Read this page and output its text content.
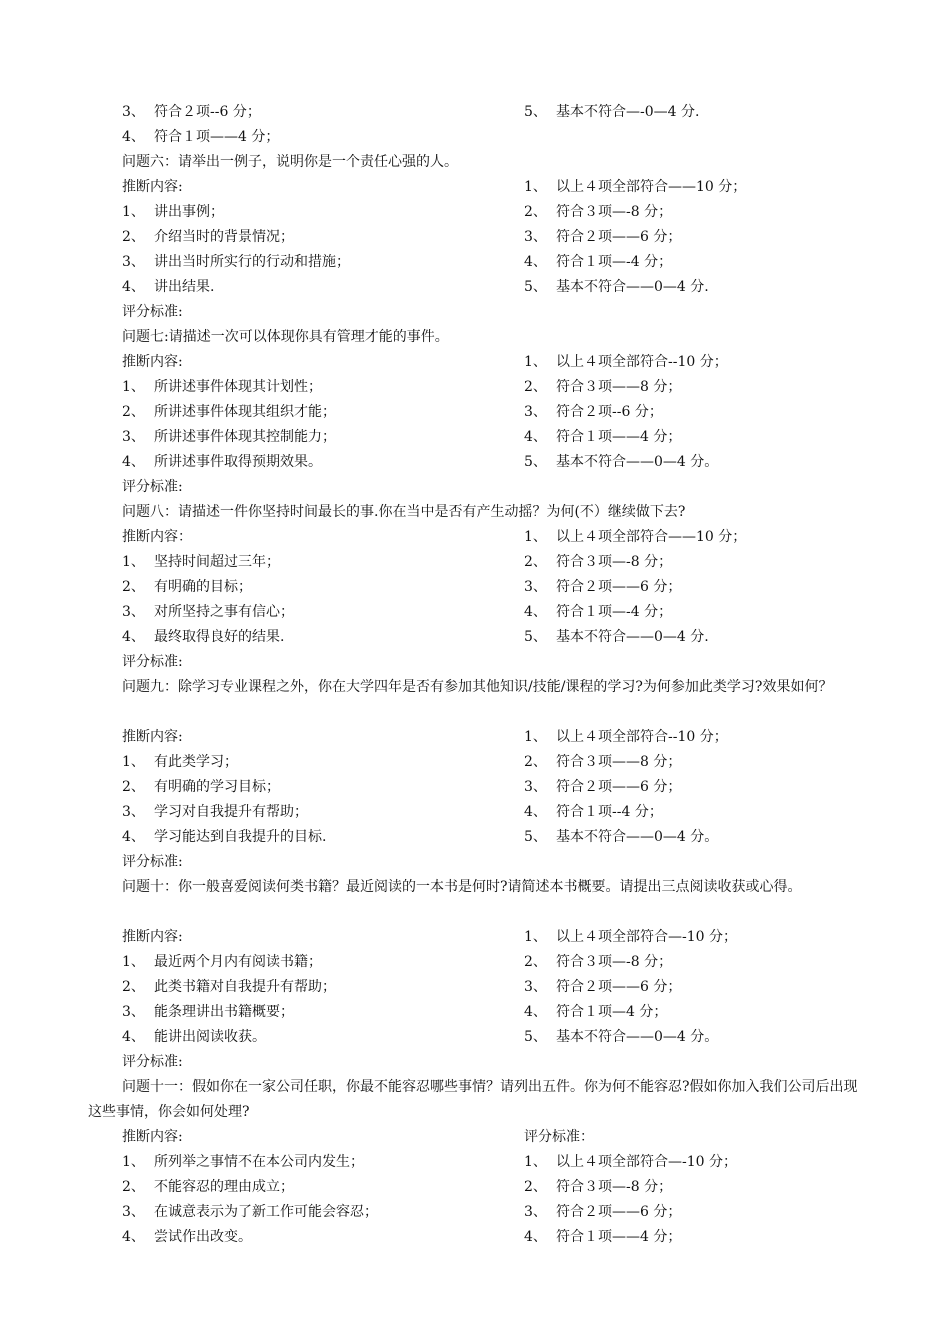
3、 符合２项--6 分；	5、 基本不符合—-0—4 分.
4、 符合１项——4 分；
问题六：请举出一例子，说明你是一个责任心强的人。
推断内容:	1、 以上４项全部符合——10 分；
1、 讲出事例；	2、 符合３项—-8 分；
2、 介绍当时的背景情况；	3、 符合２项——6 分；
3、 讲出当时所实行的行动和措施；	4、 符合１项—-4 分；
4、 讲出结果.	5、 基本不符合——0—4 分.
评分标准:
问题七:请描述一次可以体现你具有管理才能的事件。
推断内容:	1、 以上４项全部符合--10 分；
1、 所讲述事件体现其计划性；	2、 符合３项——8 分；
2、 所讲述事件体现其组织才能；	3、 符合２项--6 分；
3、 所讲述事件体现其控制能力；	4、 符合１项——4 分；
4、 所讲述事件取得预期效果。	5、 基本不符合——0—4 分。
评分标准:
问题八：请描述一件你坚持时间最长的事.你在当中是否有产生动摇？为何(不）继续做下去?
推断内容：	1、 以上４项全部符合——10 分；
1、 坚持时间超过三年；	2、 符合３项—-8 分；
2、 有明确的目标；	3、 符合２项——6 分；
3、 对所坚持之事有信心；	4、 符合１项—-4 分；
4、 最终取得良好的结果.	5、 基本不符合——0—4 分.
评分标准:
推断内容:	1、 以上４项全部符合--10 分；
1、 有此类学习；	2、 符合３项——8 分；
2、 有明确的学习目标；	3、 符合２项——6 分；
3、 学习对自我提升有帮助；	4、 符合１项--4 分；
4、 学习能达到自我提升的目标.	5、 基本不符合——0—4 分。
评分标准:
推断内容:	1、 以上４项全部符合—-10 分；
1、 最近两个月内有阅读书籍；	2、 符合３项—-8 分；
2、 此类书籍对自我提升有帮助；	3、 符合２项——6 分；
3、 能条理讲出书籍概要；	4、 符合１项—4 分；
4、 能讲出阅读收获。	5、 基本不符合——0—4 分。
评分标准:
推断内容:	评分标准：
1、 所列举之事情不在本公司内发生；	1、 以上４项全部符合—-10 分；
2、 不能容忍的理由成立；	2、 符合３项—-8 分；
3、 在诚意表示为了新工作可能会容忍；	3、 符合２项——6 分；
4、 尝试作出改变。	4、 符合１项——4 分；
问题九：除学习专业课程之外，你在大学四年是否有参加其他知识/技能/课程的学习?为何参加此类学习?效果如何？
问题十：你一般喜爱阅读何类书籍？最近阅读的一本书是何时?请简述本书概要。请提出三点阅读收获或心得。
问题十一：假如你在一家公司任职，你最不能容忍哪些事情？请列出五件。你为何不能容忍?假如你加入我们公司后出现这些事情，你会如何处理?
